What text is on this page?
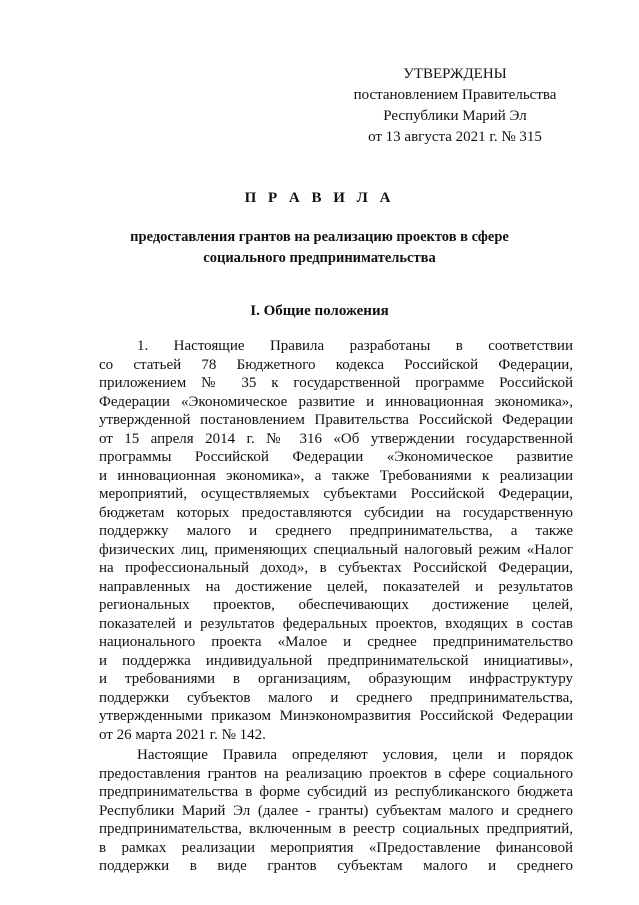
УТВЕРЖДЕНЫ
постановлением Правительства
Республики Марий Эл
от 13 августа 2021 г. № 315
П Р А В И Л А
предоставления грантов на реализацию проектов в сфере
социального предпринимательства
I. Общие положения
1. Настоящие Правила разработаны в соответствии
со статьей 78 Бюджетного кодекса Российской Федерации,
приложением № 35 к государственной программе Российской
Федерации «Экономическое развитие и инновационная экономика»,
утвержденной постановлением Правительства Российской Федерации
от 15 апреля 2014 г. № 316 «Об утверждении государственной
программы Российской Федерации «Экономическое развитие
и инновационная экономика», а также Требованиями к реализации
мероприятий, осуществляемых субъектами Российской Федерации,
бюджетам которых предоставляются субсидии на государственную
поддержку малого и среднего предпринимательства, а также
физических лиц, применяющих специальный налоговый режим «Налог
на профессиональный доход», в субъектах Российской Федерации,
направленных на достижение целей, показателей и результатов
региональных проектов, обеспечивающих достижение целей,
показателей и результатов федеральных проектов, входящих в состав
национального проекта «Малое и среднее предпринимательство
и поддержка индивидуальной предпринимательской инициативы»,
и требованиями в организациям, образующим инфраструктуру
поддержки субъектов малого и среднего предпринимательства,
утвержденными приказом Минэкономразвития Российской Федерации
от 26 марта 2021 г. № 142.
Настоящие Правила определяют условия, цели и порядок
предоставления грантов на реализацию проектов в сфере социального
предпринимательства в форме субсидий из республиканского бюджета
Республики Марий Эл (далее - гранты) субъектам малого и среднего
предпринимательства, включенным в реестр социальных предприятий,
в рамках реализации мероприятия «Предоставление финансовой
поддержки в виде грантов субъектам малого и среднего
